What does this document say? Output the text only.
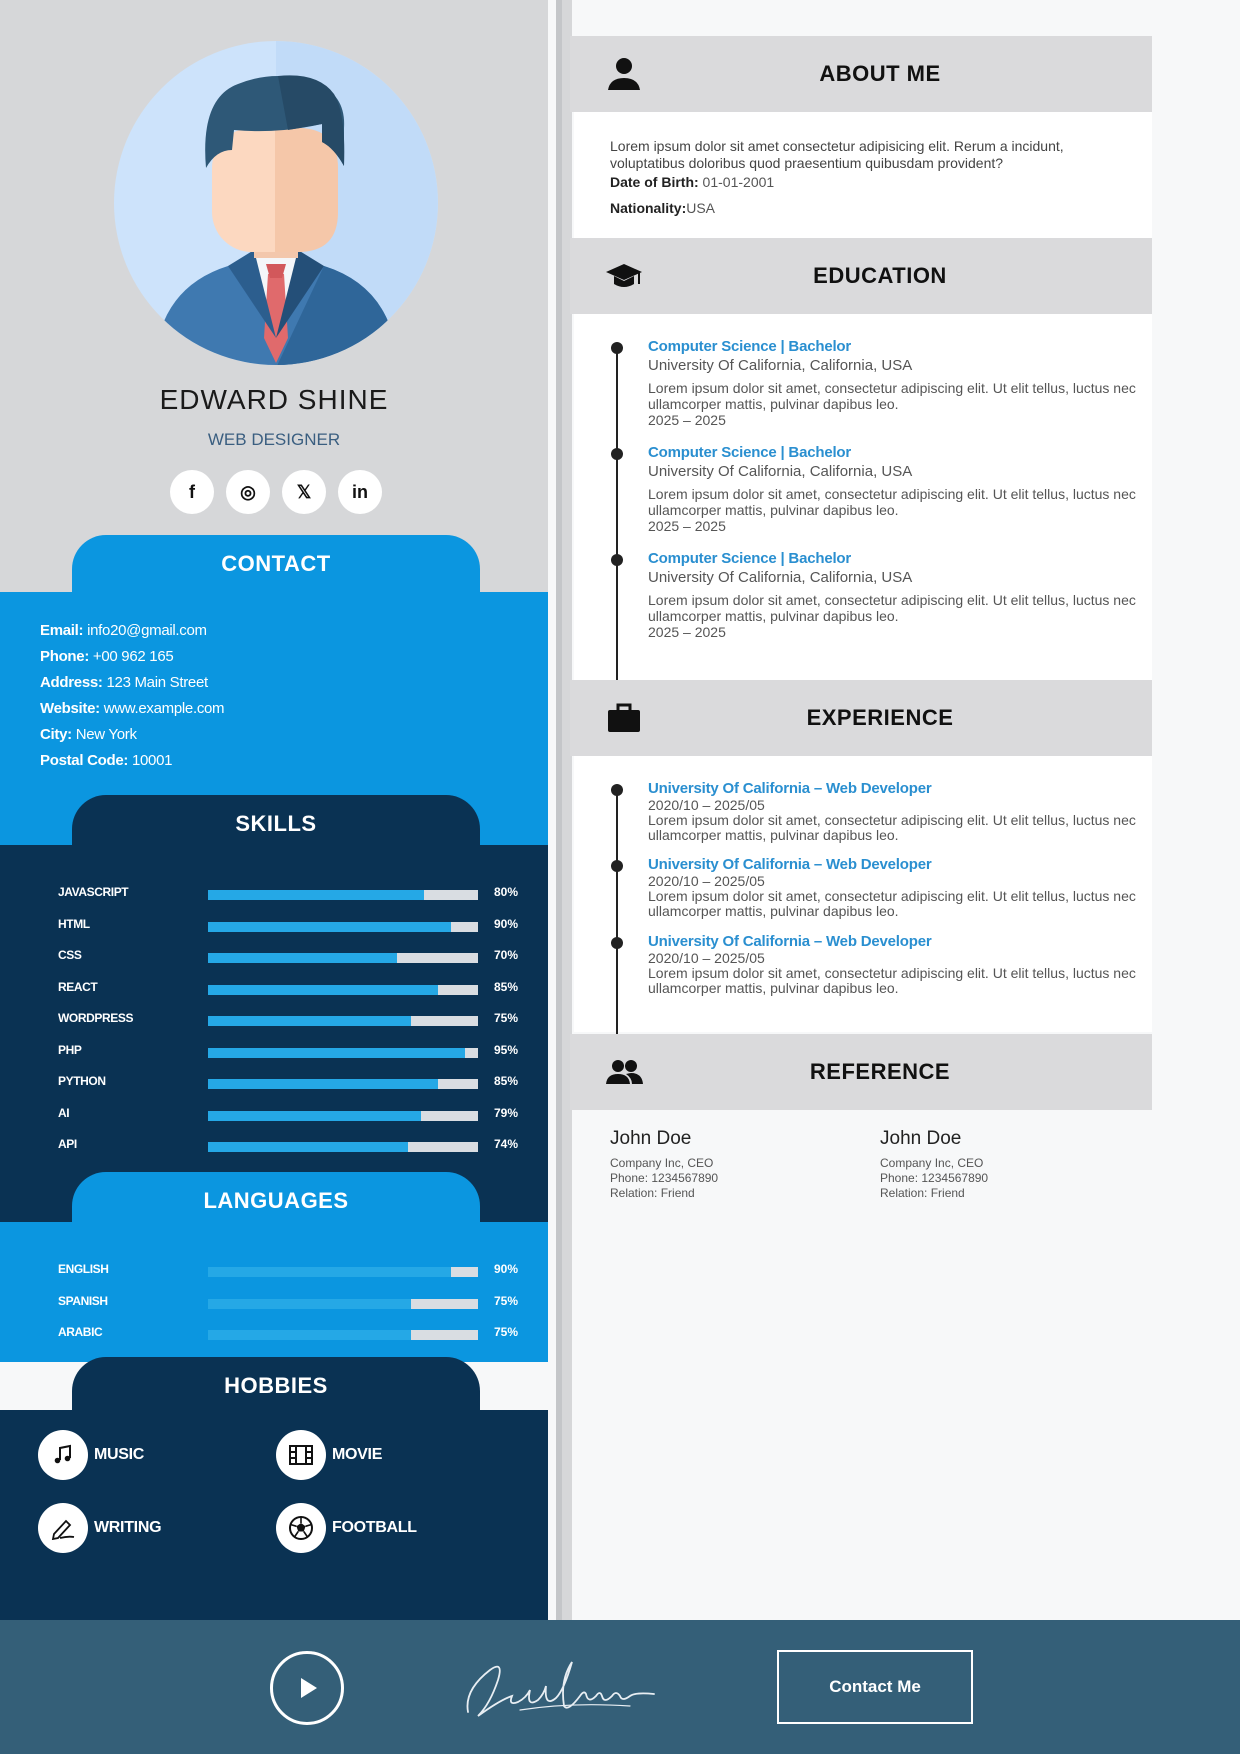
EDWARD SHINE
WEB DESIGNER
f	◎	𝕏	in
Email: info20@gmail.com
Phone: +00 962 165
Address: 123 Main Street
Website: www.example.com
City: New York
Postal Code: 10001
CONTACT
JAVASCRIPT	80%
HTML	90%
CSS	70%
REACT	85%
WORDPRESS	75%
PHP	95%
PYTHON	85%
AI	79%
API	74%
SKILLS
ENGLISH	90%
SPANISH	75%
ARABIC	75%
LANGUAGES
MUSIC	MOVIE
WRITING	FOOTBALL
HOBBIES
ABOUT ME
Lorem ipsum dolor sit amet consectetur adipisicing elit. Rerum a incidunt, voluptatibus doloribus quod praesentium quibusdam provident?
Date of Birth: 01-01-2001
Nationality:USA
EDUCATION
Computer Science | Bachelor
University Of California, California, USA
Lorem ipsum dolor sit amet, consectetur adipiscing elit. Ut elit tellus, luctus nec ullamcorper mattis, pulvinar dapibus leo.
2025 – 2025
Computer Science | Bachelor
University Of California, California, USA
Lorem ipsum dolor sit amet, consectetur adipiscing elit. Ut elit tellus, luctus nec ullamcorper mattis, pulvinar dapibus leo.
2025 – 2025
Computer Science | Bachelor
University Of California, California, USA
Lorem ipsum dolor sit amet, consectetur adipiscing elit. Ut elit tellus, luctus nec ullamcorper mattis, pulvinar dapibus leo.
2025 – 2025
EXPERIENCE
University Of California – Web Developer
2020/10 – 2025/05
Lorem ipsum dolor sit amet, consectetur adipiscing elit. Ut elit tellus, luctus nec ullamcorper mattis, pulvinar dapibus leo.
University Of California – Web Developer
2020/10 – 2025/05
Lorem ipsum dolor sit amet, consectetur adipiscing elit. Ut elit tellus, luctus nec ullamcorper mattis, pulvinar dapibus leo.
University Of California – Web Developer
2020/10 – 2025/05
Lorem ipsum dolor sit amet, consectetur adipiscing elit. Ut elit tellus, luctus nec ullamcorper mattis, pulvinar dapibus leo.
REFERENCE
John Doe
Company Inc, CEO
Phone: 1234567890
Relation: Friend
John Doe
Company Inc, CEO
Phone: 1234567890
Relation: Friend
Contact Me
